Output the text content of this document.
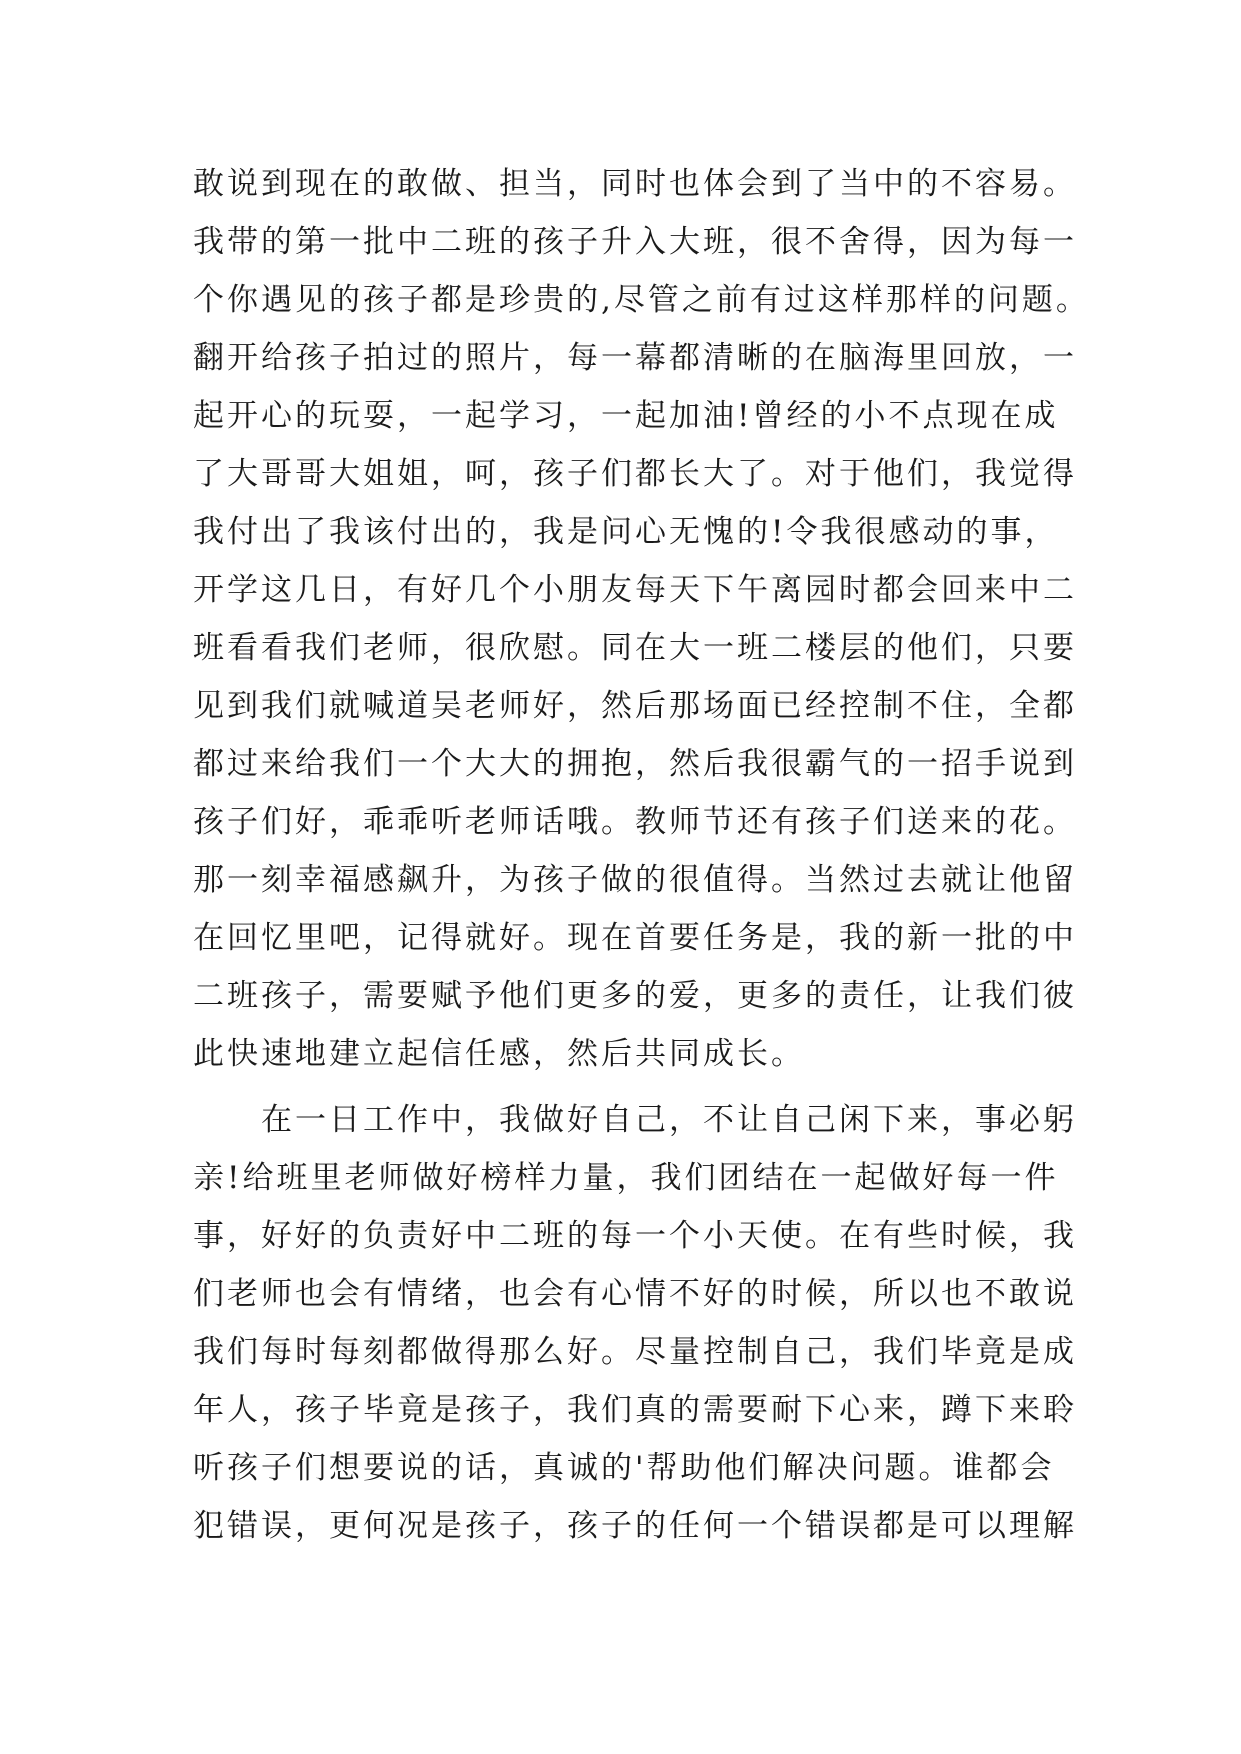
敢说到现在的敢做、担当，同时也体会到了当中的不容易。
我带的第一批中二班的孩子升入大班，很不舍得，因为每一
个你遇见的孩子都是珍贵的,尽管之前有过这样那样的问题。
翻开给孩子拍过的照片，每一幕都清晰的在脑海里回放，一
起开心的玩耍，一起学习，一起加油!曾经的小不点现在成
了大哥哥大姐姐，呵，孩子们都长大了。对于他们，我觉得
我付出了我该付出的，我是问心无愧的!令我很感动的事，
开学这几日，有好几个小朋友每天下午离园时都会回来中二
班看看我们老师，很欣慰。同在大一班二楼层的他们，只要
见到我们就喊道吴老师好，然后那场面已经控制不住，全都
都过来给我们一个大大的拥抱，然后我很霸气的一招手说到
孩子们好，乖乖听老师话哦。教师节还有孩子们送来的花。
那一刻幸福感飙升，为孩子做的很值得。当然过去就让他留
在回忆里吧，记得就好。现在首要任务是，我的新一批的中
二班孩子，需要赋予他们更多的爱，更多的责任，让我们彼
此快速地建立起信任感，然后共同成长。
在一日工作中，我做好自己，不让自己闲下来，事必躬
亲!给班里老师做好榜样力量，我们团结在一起做好每一件
事，好好的负责好中二班的每一个小天使。在有些时候，我
们老师也会有情绪，也会有心情不好的时候，所以也不敢说
我们每时每刻都做得那么好。尽量控制自己，我们毕竟是成
年人，孩子毕竟是孩子，我们真的需要耐下心来，蹲下来聆
听孩子们想要说的话，真诚的'帮助他们解决问题。谁都会
犯错误，更何况是孩子，孩子的任何一个错误都是可以理解
